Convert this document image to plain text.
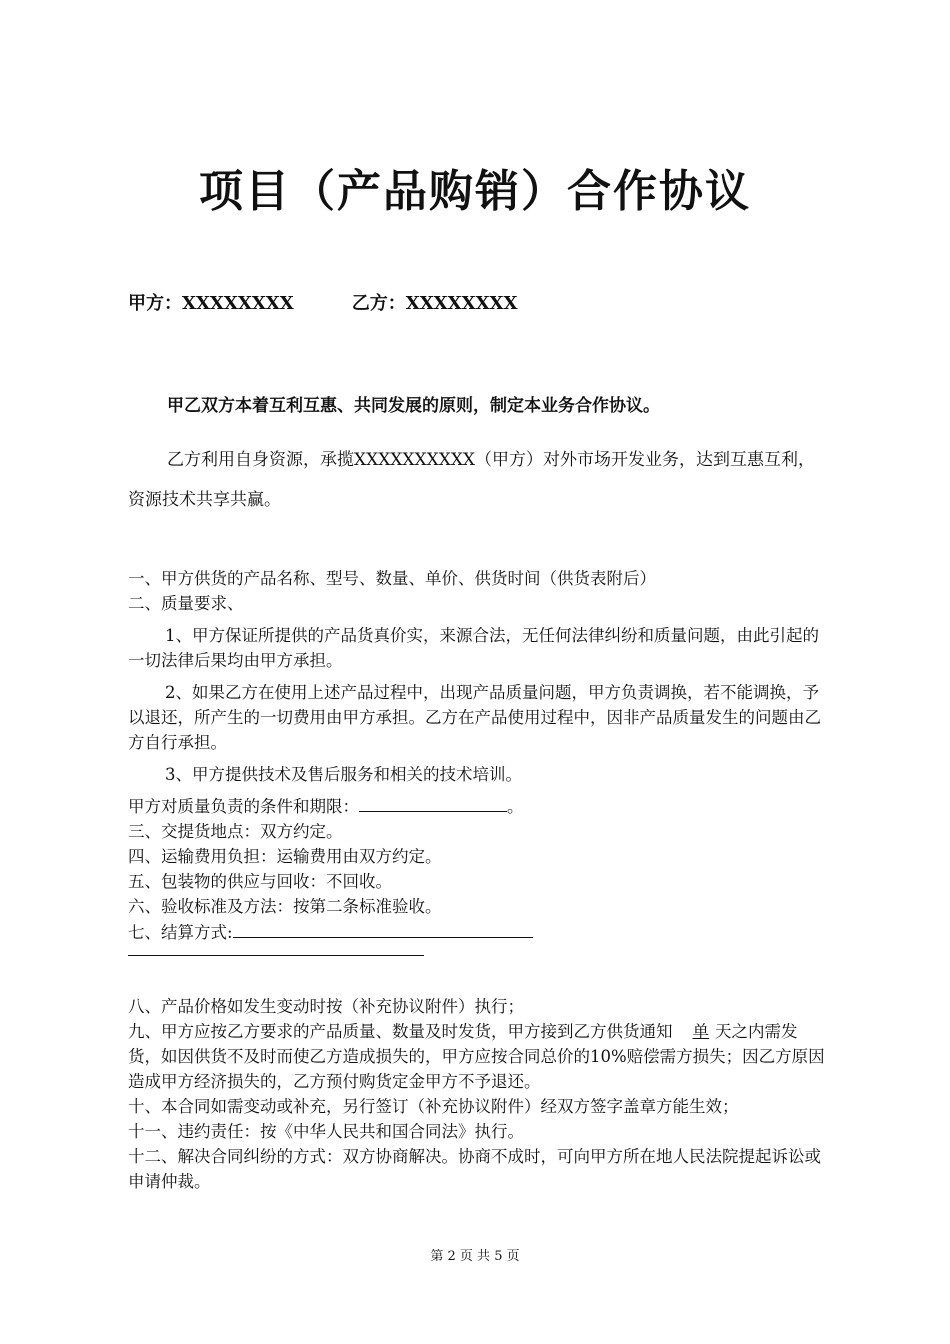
项目（产品购销）合作协议
甲方：XXXXXXXX	乙方：XXXXXXXX
甲乙双方本着互利互惠、共同发展的原则，制定本业务合作协议。
乙方利用自身资源，承揽XXXXXXXXXX（甲方）对外市场开发业务，达到互惠互利，资源技术共享共赢。

一、甲方供货的产品名称、型号、数量、单价、供货时间（供货表附后）

二、质量要求、

1、甲方保证所提供的产品货真价实，来源合法，无任何法律纠纷和质量问题，由此引起的一切法律后果均由甲方承担。

2、如果乙方在使用上述产品过程中，出现产品质量问题，甲方负责调换，若不能调换，予以退还，所产生的一切费用由甲方承担。乙方在产品使用过程中，因非产品质量发生的问题由乙方自行承担。

3、甲方提供技术及售后服务和相关的技术培训。

甲方对质量负责的条件和期限：	。

三、交提货地点：双方约定。

四、运输费用负担：运输费用由双方约定。

五、包装物的供应与回收：不回收。

六、验收标准及方法：按第二条标准验收。

七、结算方式:

八、产品价格如发生变动时按（补充协议附件）执行；

九、甲方应按乙方要求的产品质量、数量及时发货，甲方接到乙方供货通知 单 天之内需发货，如因供货不及时而使乙方造成损失的，甲方应按合同总价的10%赔偿需方损失；因乙方原因造成甲方经济损失的，乙方预付购货定金甲方不予退还。

十、本合同如需变动或补充，另行签订（补充协议附件）经双方签字盖章方能生效；

十一、违约责任：按《中华人民共和国合同法》执行。

十二、解决合同纠纷的方式：双方协商解决。协商不成时，可向甲方所在地人民法院提起诉讼或申请仲裁。

第 2 页 共 5 页
